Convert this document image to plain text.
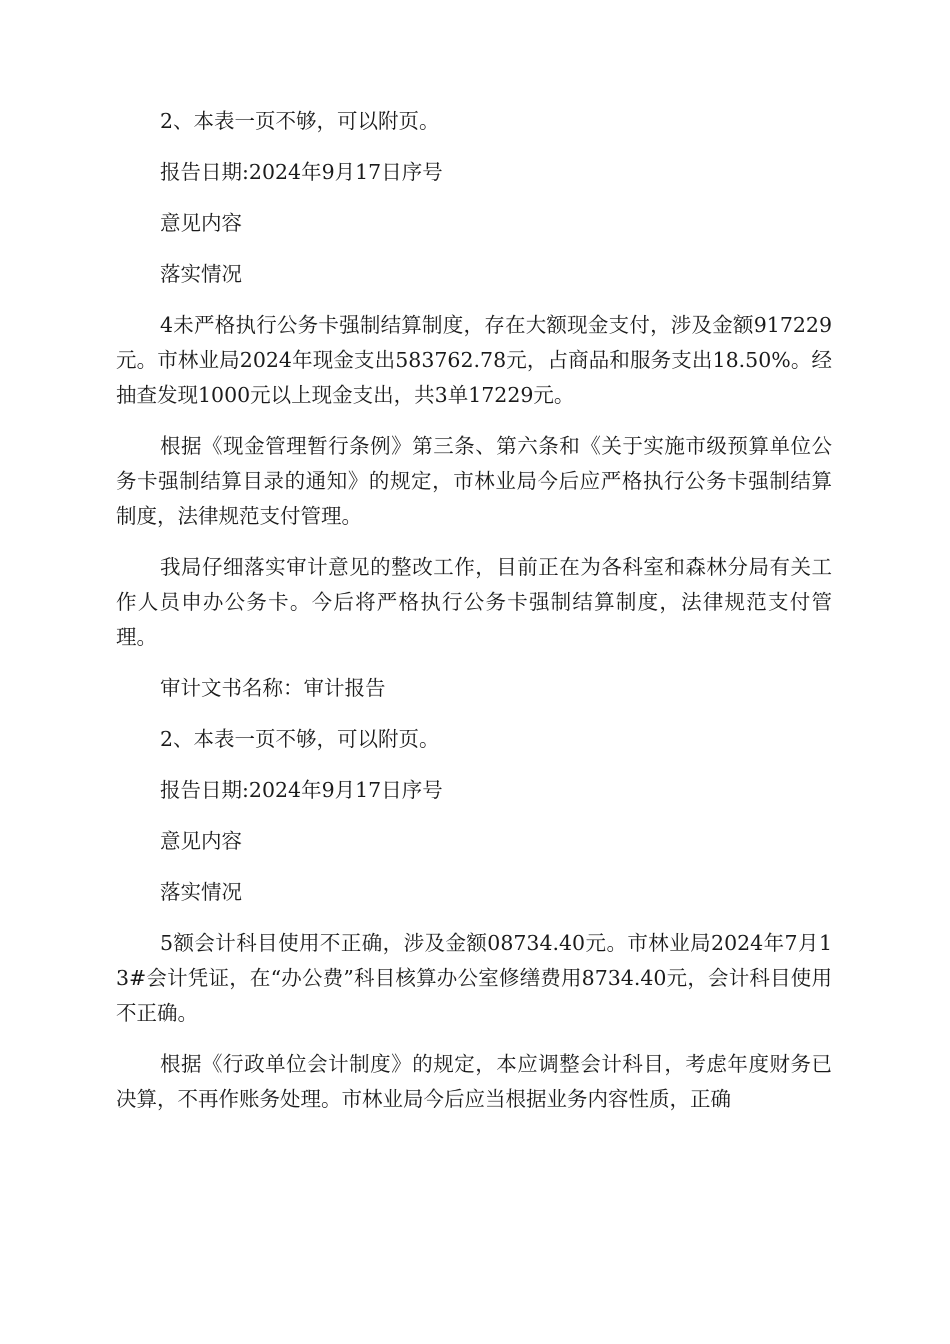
2、本表一页不够，可以附页。

报告日期:2024年9月17日序号

意见内容

落实情况

4未严格执行公务卡强制结算制度，存在大额现金支付，涉及金额917229元。市林业局2024年现金支出583762.78元，占商品和服务支出18.50%。经抽查发现1000元以上现金支出，共3单17229元。

根据《现金管理暂行条例》第三条、第六条和《关于实施市级预算单位公务卡强制结算目录的通知》的规定，市林业局今后应严格执行公务卡强制结算制度，法律规范支付管理。

我局仔细落实审计意见的整改工作，目前正在为各科室和森林分局有关工作人员申办公务卡。今后将严格执行公务卡强制结算制度，法律规范支付管理。

审计文书名称：审计报告

2、本表一页不够，可以附页。

报告日期:2024年9月17日序号

意见内容

落实情况

5额会计科目使用不正确，涉及金额08734.40元。市林业局2024年7月13#会计凭证，在“办公费”科目核算办公室修缮费用8734.40元，会计科目使用不正确。

根据《行政单位会计制度》的规定，本应调整会计科目，考虑年度财务已决算，不再作账务处理。市林业局今后应当根据业务内容性质，正确
